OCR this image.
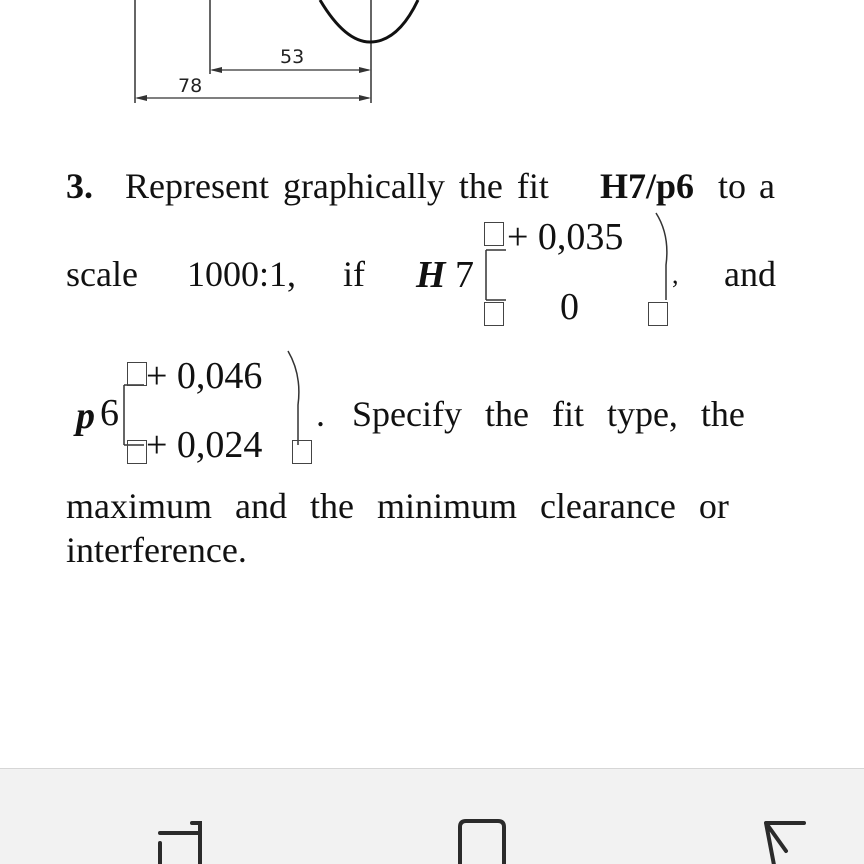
53
78
3. Represent graphically the fit H7/p6 to a
scale 1000:1, if H 7
+ 0,035
0
, and
p 6
+ 0,046
+ 0,024
. Specify the fit type, the
maximum and the minimum clearance or
interference.
